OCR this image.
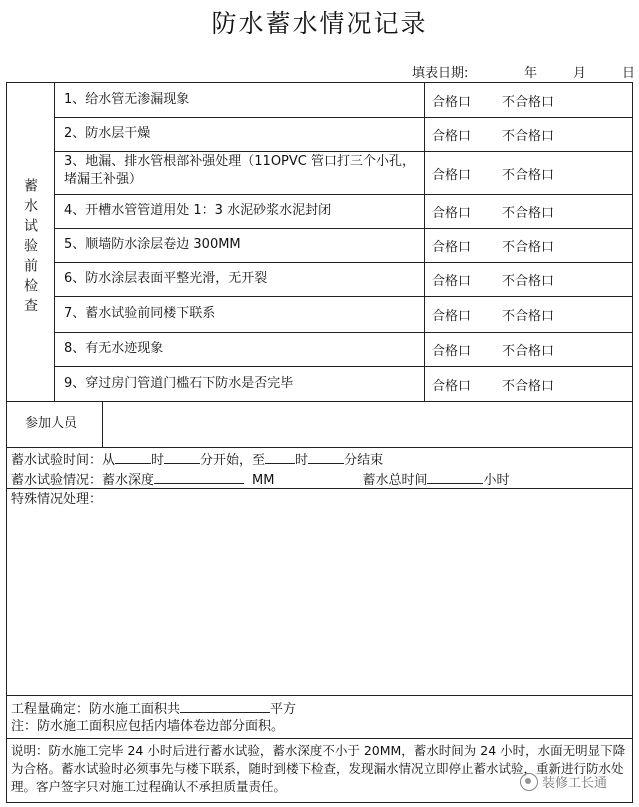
防水蓄水情况记录
填表日期:	年	月	日
蓄水试验前检查
1、给水管无渗漏现象	合格口 不合格口
2、防水层干燥	合格口 不合格口
3、地漏、排水管根部补强处理（11OPVC 管口打三个小孔，
堵漏王补强）	合格口 不合格口
4、开槽水管管道用处 1：3 水泥砂浆水泥封闭	合格口 不合格口
5、顺墙防水涂层卷边 300MM	合格口 不合格口
6、防水涂层表面平整光滑，无开裂	合格口 不合格口
7、蓄水试验前同楼下联系	合格口 不合格口
8、有无水迹现象	合格口 不合格口
9、穿过房门管道门槛石下防水是否完毕	合格口 不合格口
参加人员
蓄水试验时间：从	时	分开始，至 时	分结束
蓄水试验情况：蓄水深度	MM	蓄水总时间	小时
特殊情况处理：
工程量确定：防水施工面积共	平方
注：防水施工面积应包括内墙体卷边部分面积。
说明：防水施工完毕 24 小时后进行蓄水试验，蓄水深度不小于 20MM，蓄水时间为 24 小时，水面无明显下降为合格。蓄水试验时必须事先与楼下联系，随时到楼下检查，发现漏水情况立即停止蓄水试验，重新进行防水处理。客户签字只对施工过程确认不承担质量责任。	装修工长通
